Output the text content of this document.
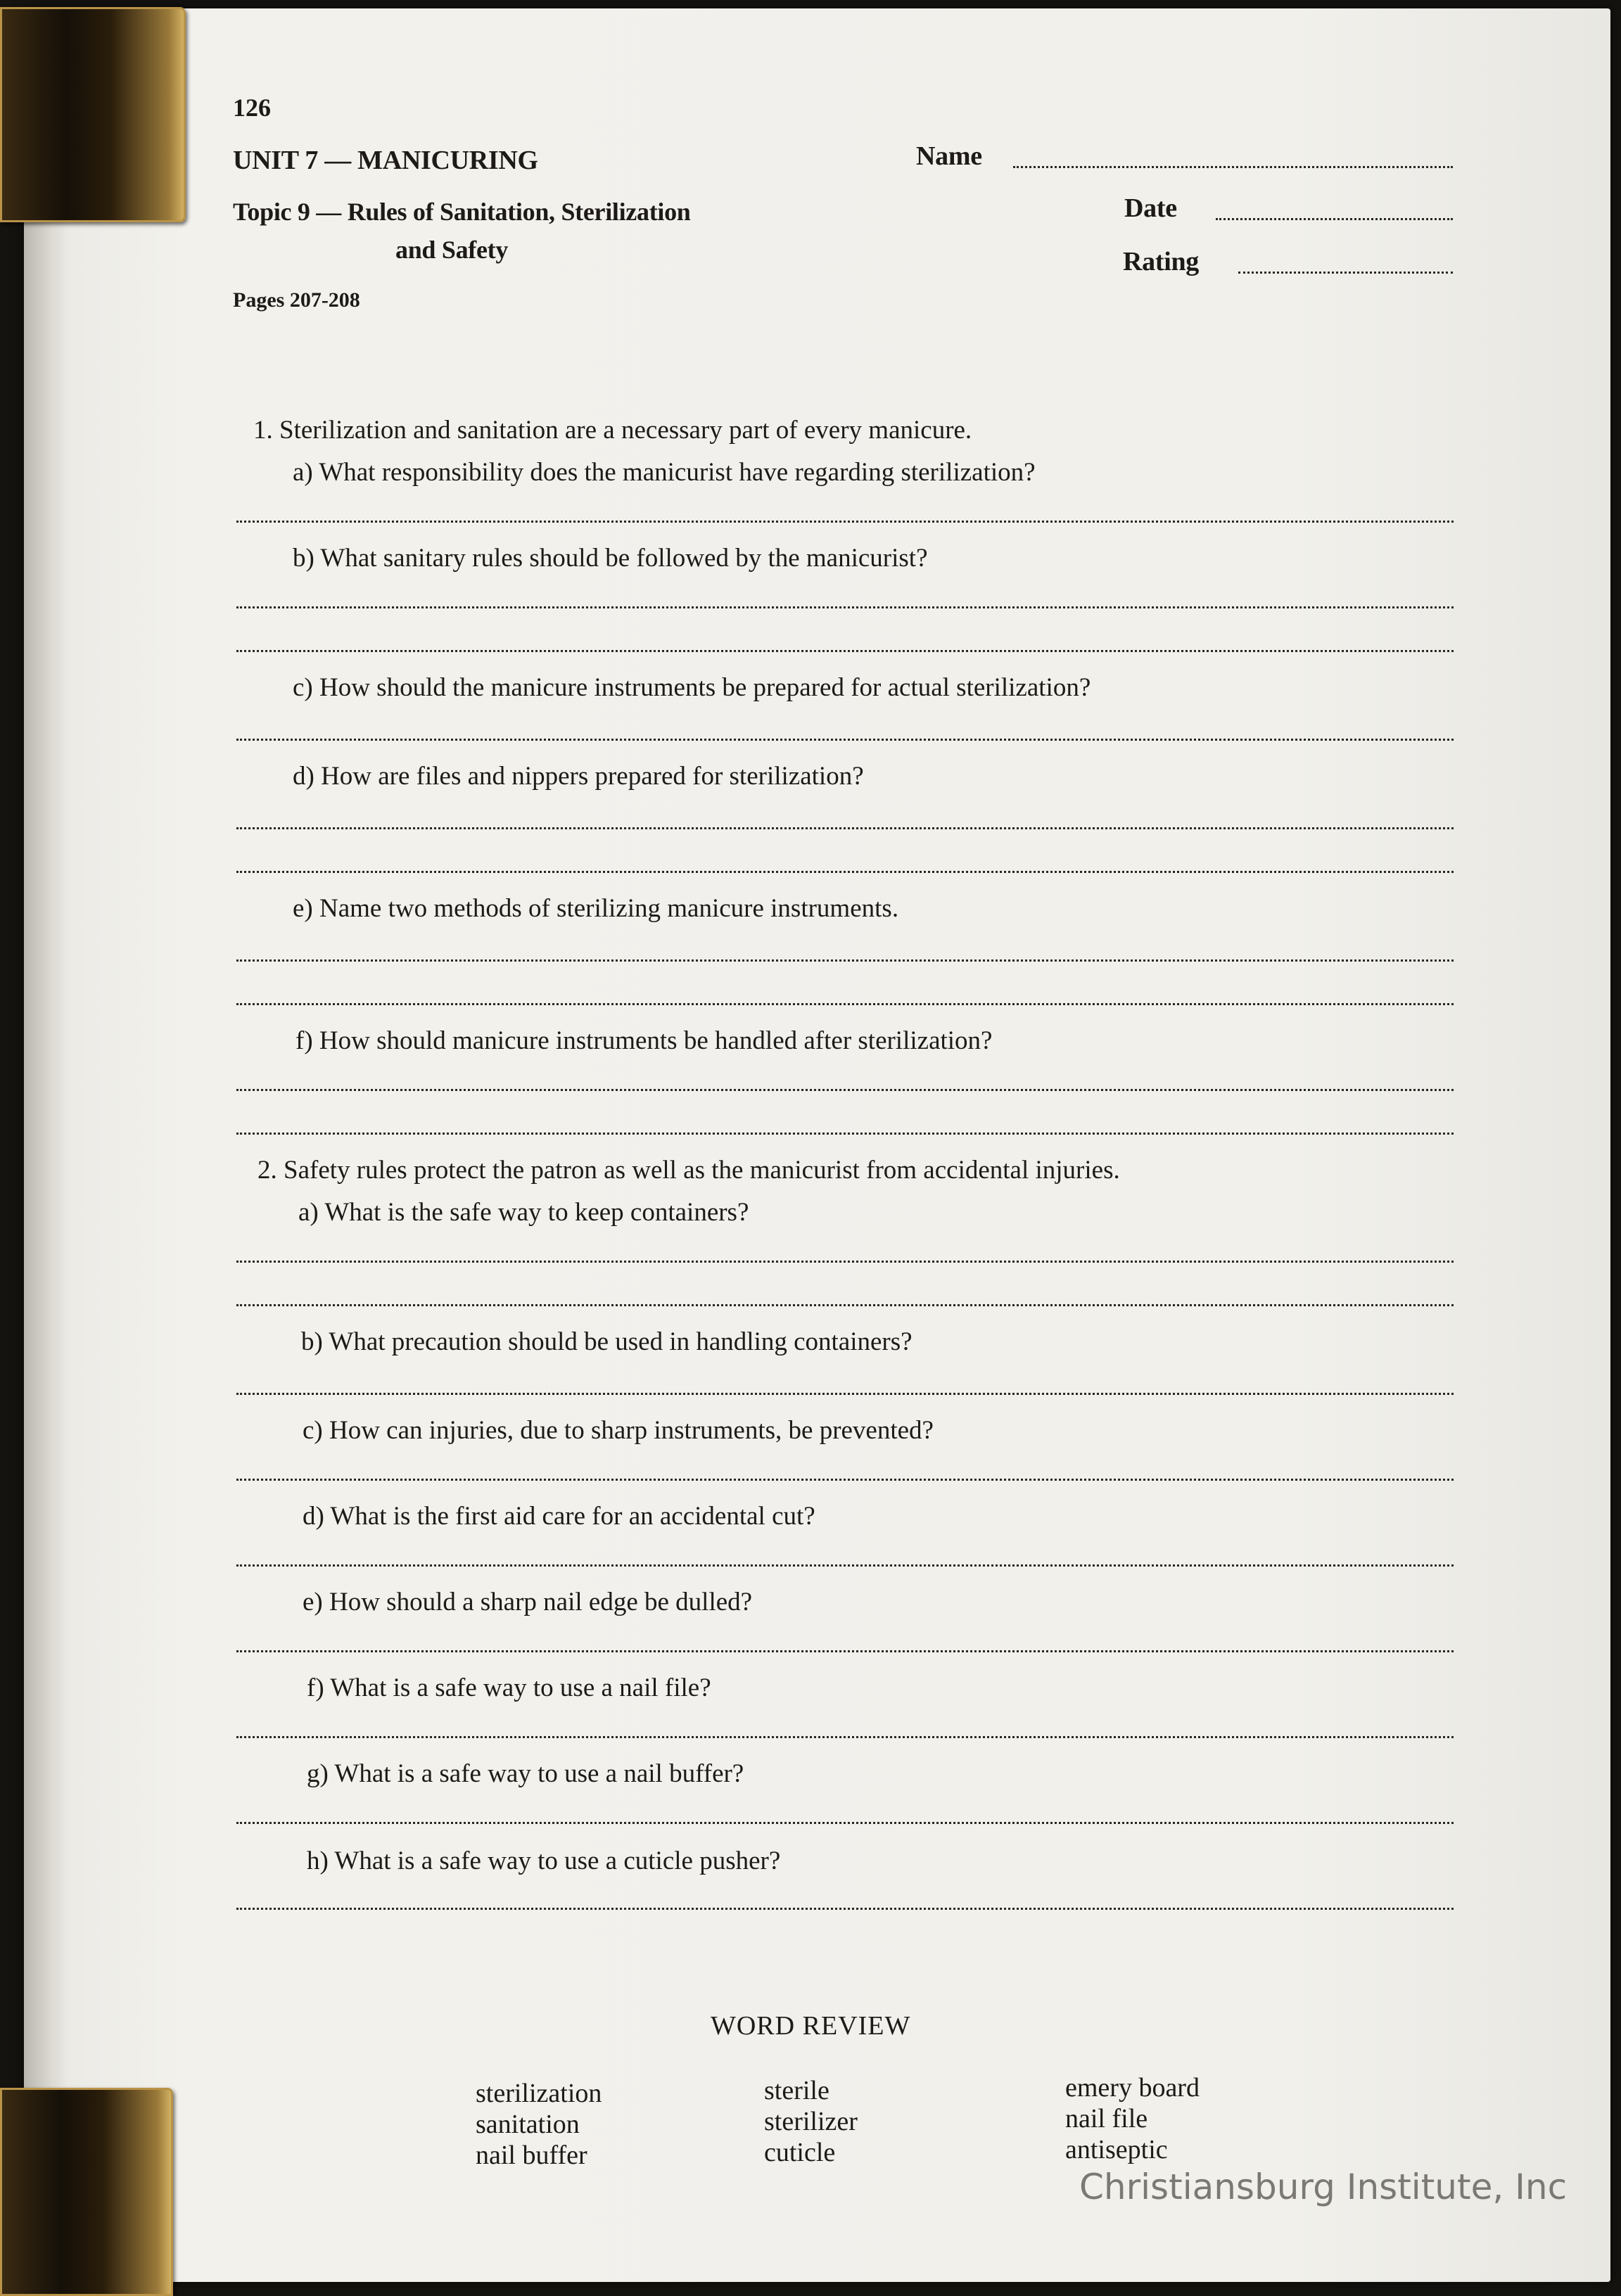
126
UNIT 7 — MANICURING
Topic 9 — Rules of Sanitation, Sterilization
and Safety
Pages 207-208
Name
Date
Rating
1. Sterilization and sanitation are a necessary part of every manicure.
a) What responsibility does the manicurist have regarding sterilization?
b) What sanitary rules should be followed by the manicurist?
c) How should the manicure instruments be prepared for actual sterilization?
d) How are files and nippers prepared for sterilization?
e) Name two methods of sterilizing manicure instruments.
f) How should manicure instruments be handled after sterilization?
2. Safety rules protect the patron as well as the manicurist from accidental injuries.
a) What is the safe way to keep containers?
b) What precaution should be used in handling containers?
c) How can injuries, due to sharp instruments, be prevented?
d) What is the first aid care for an accidental cut?
e) How should a sharp nail edge be dulled?
f) What is a safe way to use a nail file?
g) What is a safe way to use a nail buffer?
h) What is a safe way to use a cuticle pusher?
WORD REVIEW
sterilization
sanitation
nail buffer
sterile
sterilizer
cuticle
emery board
nail file
antiseptic
Christiansburg Institute, Inc
